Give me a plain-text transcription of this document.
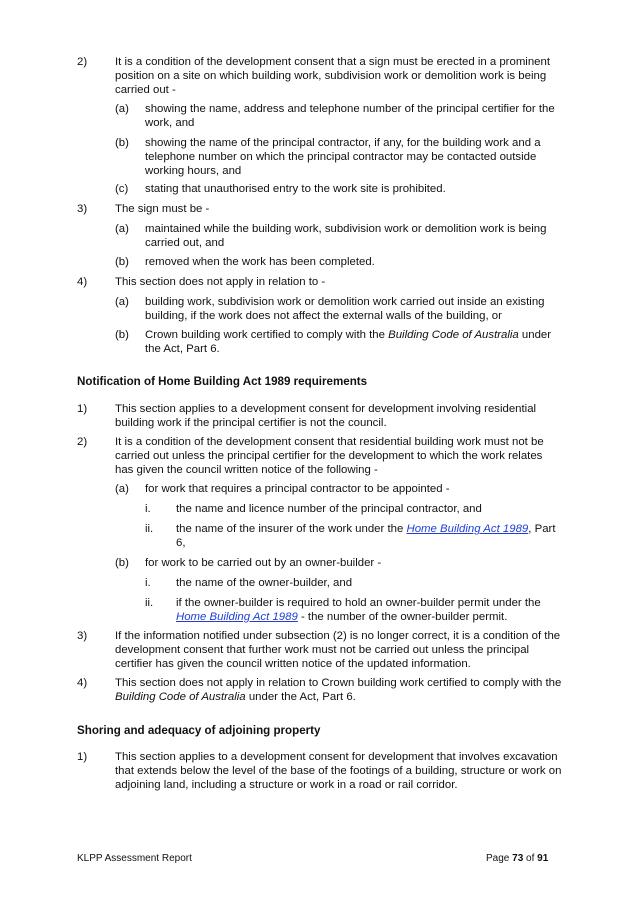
2) It is a condition of the development consent that a sign must be erected in a prominent position on a site on which building work, subdivision work or demolition work is being carried out -
(a) showing the name, address and telephone number of the principal certifier for the work, and
(b) showing the name of the principal contractor, if any, for the building work and a telephone number on which the principal contractor may be contacted outside working hours, and
(c) stating that unauthorised entry to the work site is prohibited.
3) The sign must be -
(a) maintained while the building work, subdivision work or demolition work is being carried out, and
(b) removed when the work has been completed.
4) This section does not apply in relation to -
(a) building work, subdivision work or demolition work carried out inside an existing building, if the work does not affect the external walls of the building, or
(b) Crown building work certified to comply with the Building Code of Australia under the Act, Part 6.
Notification of Home Building Act 1989 requirements
1) This section applies to a development consent for development involving residential building work if the principal certifier is not the council.
2) It is a condition of the development consent that residential building work must not be carried out unless the principal certifier for the development to which the work relates has given the council written notice of the following -
(a) for work that requires a principal contractor to be appointed -
i. the name and licence number of the principal contractor, and
ii. the name of the insurer of the work under the Home Building Act 1989, Part 6,
(b) for work to be carried out by an owner-builder -
i. the name of the owner-builder, and
ii. if the owner-builder is required to hold an owner-builder permit under the Home Building Act 1989 - the number of the owner-builder permit.
3) If the information notified under subsection (2) is no longer correct, it is a condition of the development consent that further work must not be carried out unless the principal certifier has given the council written notice of the updated information.
4) This section does not apply in relation to Crown building work certified to comply with the Building Code of Australia under the Act, Part 6.
Shoring and adequacy of adjoining property
1) This section applies to a development consent for development that involves excavation that extends below the level of the base of the footings of a building, structure or work on adjoining land, including a structure or work in a road or rail corridor.
KLPP Assessment Report	Page 73 of 91
